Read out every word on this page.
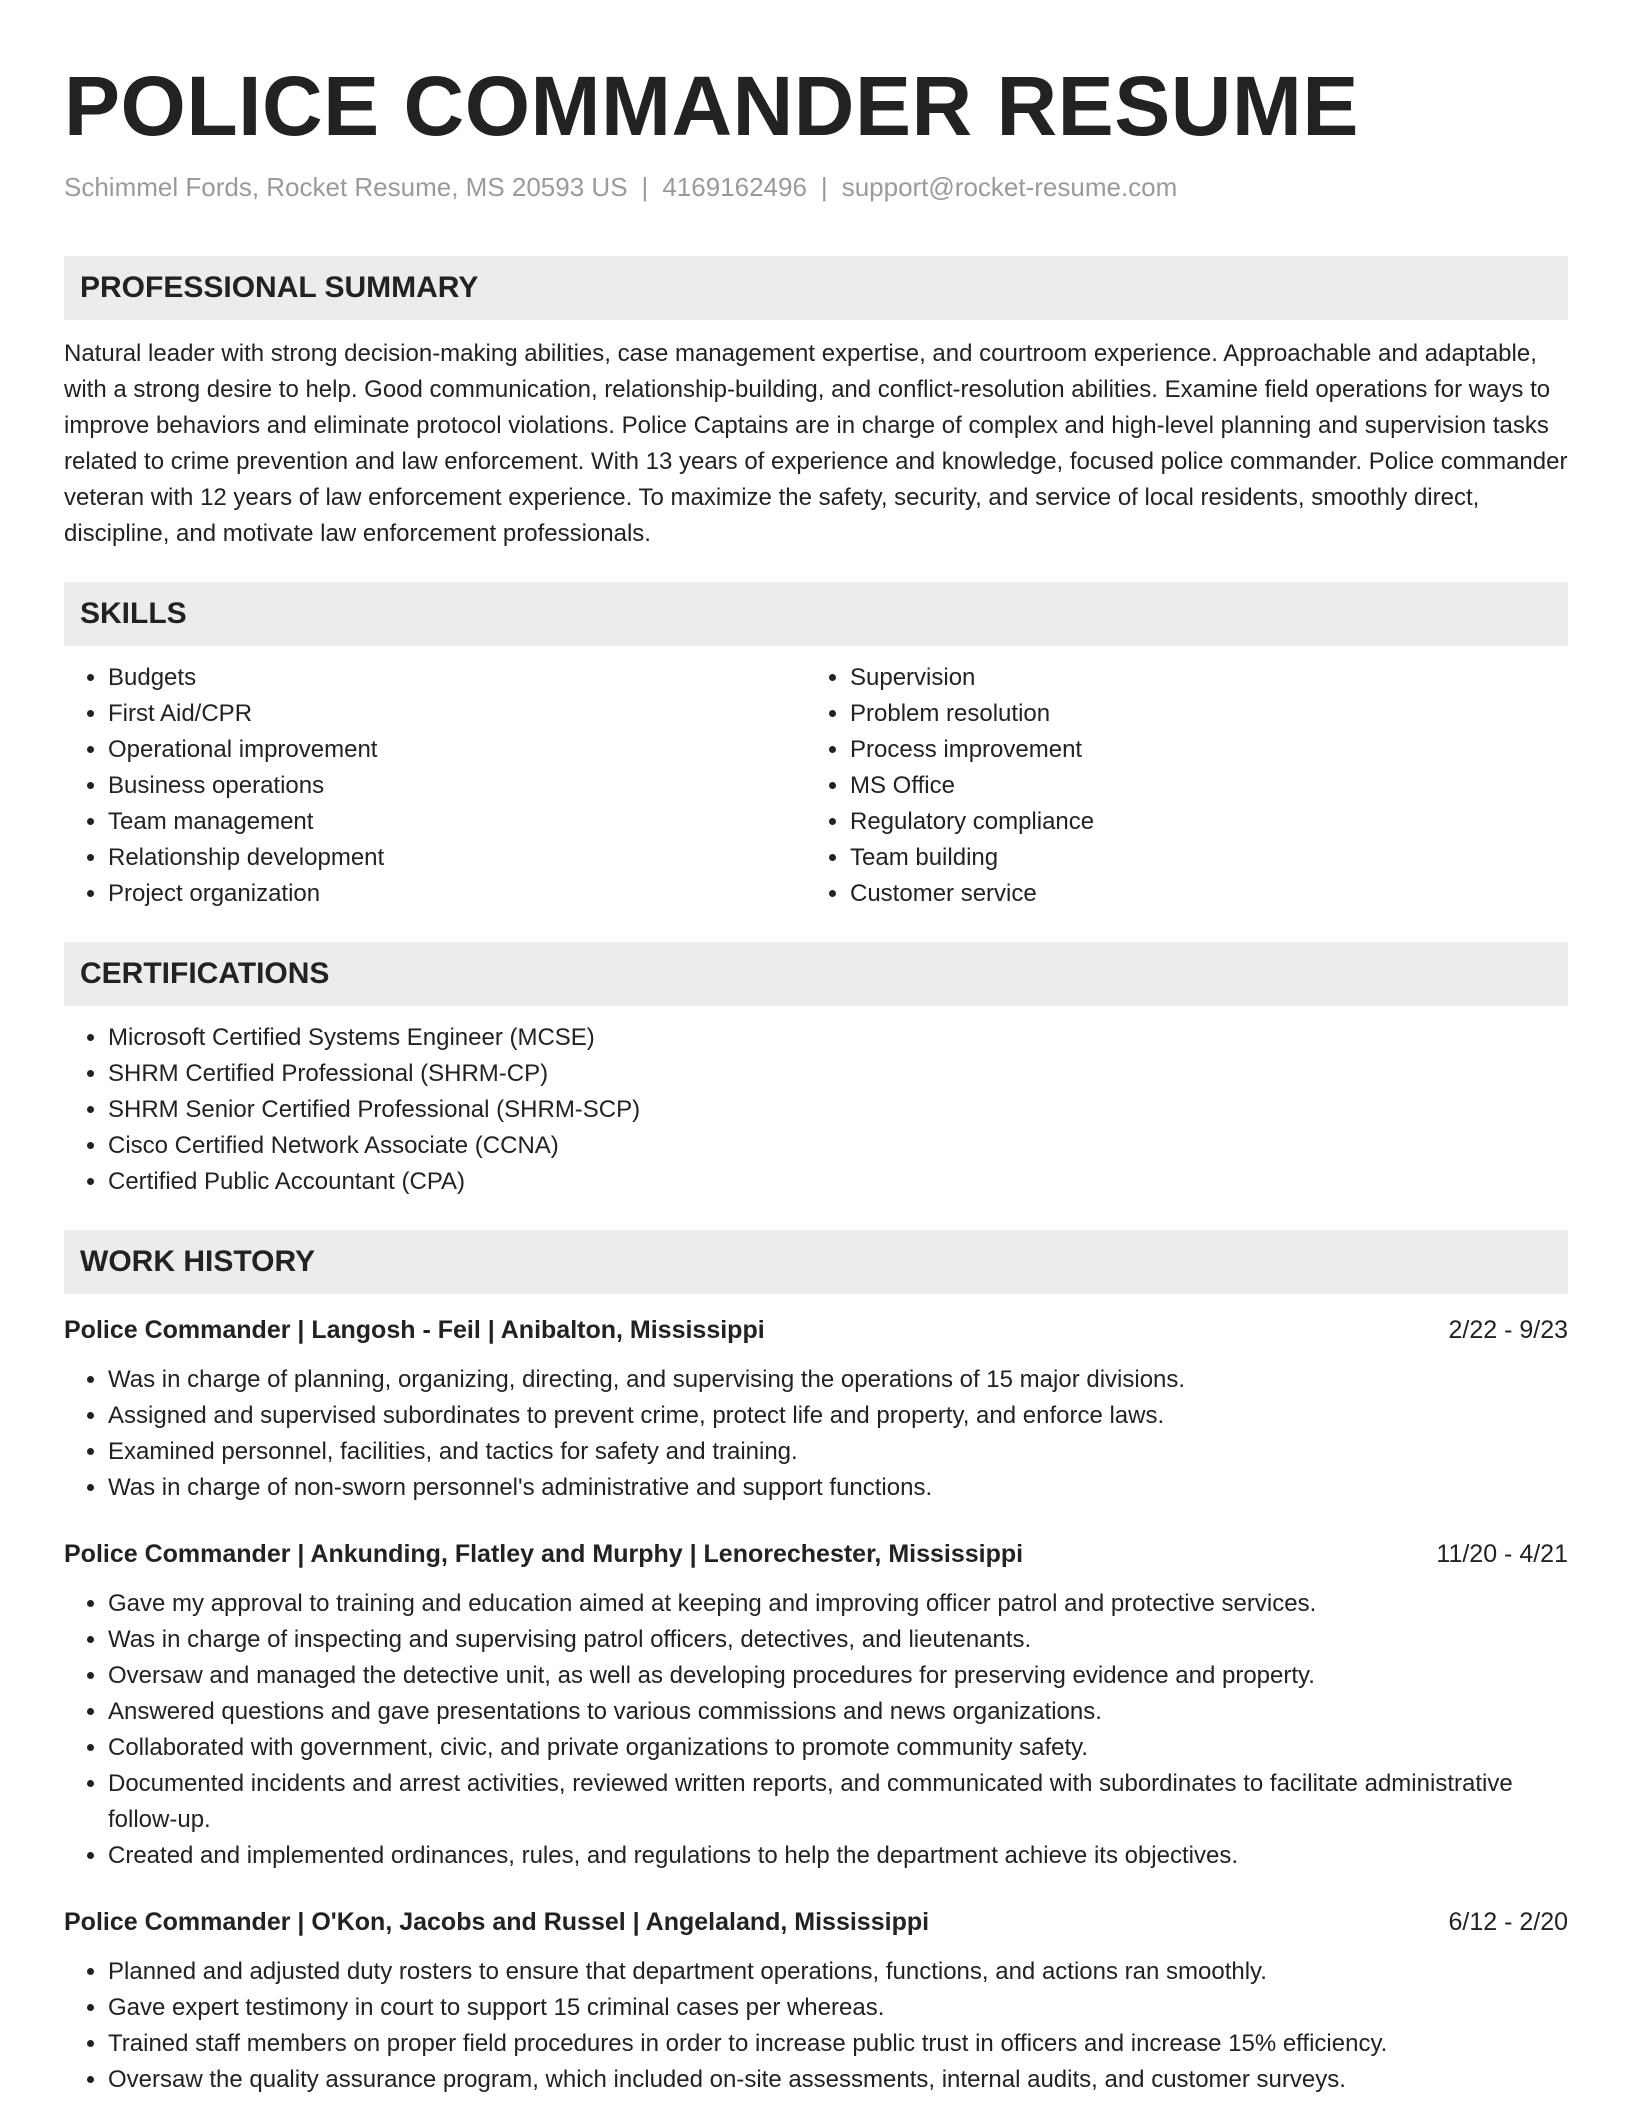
POLICE COMMANDER RESUME
Schimmel Fords, Rocket Resume, MS 20593 US | 4169162496 | support@rocket-resume.com
PROFESSIONAL SUMMARY

Natural leader with strong decision-making abilities, case management expertise, and courtroom experience. Approachable and adaptable, with a strong desire to help. Good communication, relationship-building, and conflict-resolution abilities. Examine field operations for ways to improve behaviors and eliminate protocol violations. Police Captains are in charge of complex and high-level planning and supervision tasks related to crime prevention and law enforcement. With 13 years of experience and knowledge, focused police commander. Police commander veteran with 12 years of law enforcement experience. To maximize the safety, security, and service of local residents, smoothly direct, discipline, and motivate law enforcement professionals.

SKILLS
• Budgets
• First Aid/CPR
• Operational improvement
• Business operations
• Team management
• Relationship development
• Project organization
• Supervision
• Problem resolution
• Process improvement
• MS Office
• Regulatory compliance
• Team building
• Customer service
CERTIFICATIONS
• Microsoft Certified Systems Engineer (MCSE)
• SHRM Certified Professional (SHRM-CP)
• SHRM Senior Certified Professional (SHRM-SCP)
• Cisco Certified Network Associate (CCNA)
• Certified Public Accountant (CPA)
WORK HISTORY
Police Commander | Langosh - Feil | Anibalton, Mississippi	2/22 - 9/23
• Was in charge of planning, organizing, directing, and supervising the operations of 15 major divisions.
• Assigned and supervised subordinates to prevent crime, protect life and property, and enforce laws.
• Examined personnel, facilities, and tactics for safety and training.
• Was in charge of non-sworn personnel's administrative and support functions.
Police Commander | Ankunding, Flatley and Murphy | Lenorechester, Mississippi	11/20 - 4/21
• Gave my approval to training and education aimed at keeping and improving officer patrol and protective services.
• Was in charge of inspecting and supervising patrol officers, detectives, and lieutenants.
• Oversaw and managed the detective unit, as well as developing procedures for preserving evidence and property.
• Answered questions and gave presentations to various commissions and news organizations.
• Collaborated with government, civic, and private organizations to promote community safety.
• Documented incidents and arrest activities, reviewed written reports, and communicated with subordinates to facilitate administrative follow-up.
• Created and implemented ordinances, rules, and regulations to help the department achieve its objectives.
Police Commander | O'Kon, Jacobs and Russel | Angelaland, Mississippi	6/12 - 2/20
• Planned and adjusted duty rosters to ensure that department operations, functions, and actions ran smoothly.
• Gave expert testimony in court to support 15 criminal cases per whereas.
• Trained staff members on proper field procedures in order to increase public trust in officers and increase 15% efficiency.
• Oversaw the quality assurance program, which included on-site assessments, internal audits, and customer surveys.
